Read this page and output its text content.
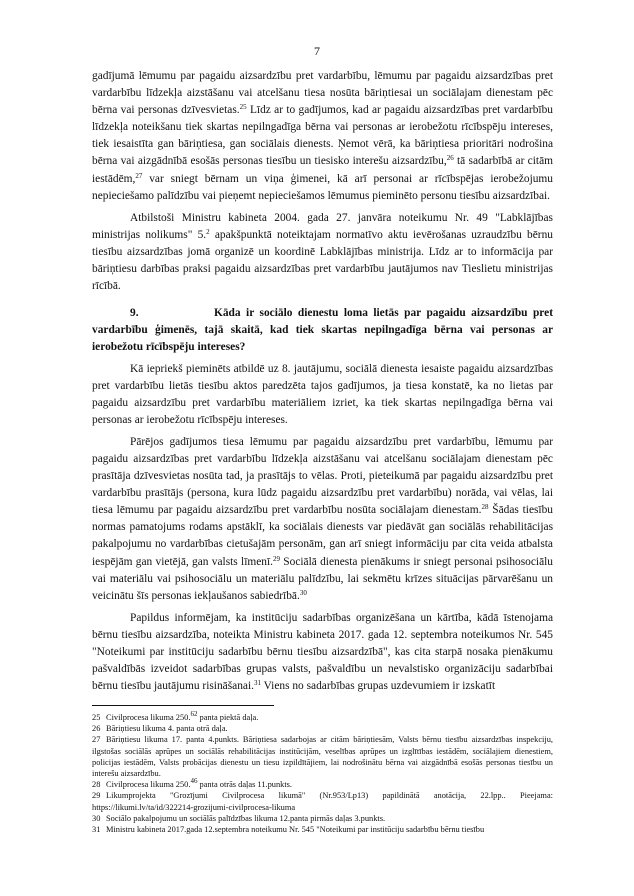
7

gadījumā lēmumu par pagaidu aizsardzību pret vardarbību, lēmumu par pagaidu aizsardzības pret vardarbību līdzekļa aizstāšanu vai atcelšanu tiesa nosūta bāriņtiesai un sociālajam dienestam pēc bērna vai personas dzīvesvietas.$^{25}$ Līdz ar to gadījumos, kad ar pagaidu aizsardzības pret vardarbību līdzekļa noteikšanu tiek skartas nepilngadīga bērna vai personas ar ierobežotu rīcībspēju intereses, tiek iesaistīta gan bāriņtiesa, gan sociālais dienests. Ņemot vērā, ka bāriņtiesa prioritāri nodrošina bērna vai aizgādnībā esošās personas tiesību un tiesisko interešu aizsardzību,$^{26}$ tā sadarbībā ar citām iestādēm,$^{27}$ var sniegt bērnam un viņa ģimenei, kā arī personai ar rīcībspējas ierobežojumu nepieciešamo palīdzību vai pieņemt nepieciešamos lēmumus pieminēto personu tiesību aizsardzībai.

Atbilstoši Ministru kabineta 2004. gada 27. janvāra noteikumu Nr. 49 "Labklājības ministrijas nolikums" 5.$^2$ apakšpunktā noteiktajam normatīvo aktu ievērošanas uzraudzību bērnu tiesību aizsardzības jomā organizē un koordinē Labklājības ministrija. Līdz ar to informācija par bāriņtiesu darbības praksi pagaidu aizsardzības pret vardarbību jautājumos nav Tieslietu ministrijas rīcībā.

9.	Kāda ir sociālo dienestu loma lietās par pagaidu aizsardzību pret vardarbību ģimenēs, tajā skaitā, kad tiek skartas nepilngadīga bērna vai personas ar ierobežotu rīcībspēju intereses?

Kā iepriekš pieminēts atbildē uz 8. jautājumu, sociālā dienesta iesaiste pagaidu aizsardzības pret vardarbību lietās tiesību aktos paredzēta tajos gadījumos, ja tiesa konstatē, ka no lietas par pagaidu aizsardzību pret vardarbību materiāliem izriet, ka tiek skartas nepilngadīga bērna vai personas ar ierobežotu rīcībspēju intereses.

Pārējos gadījumos tiesa lēmumu par pagaidu aizsardzību pret vardarbību, lēmumu par pagaidu aizsardzības pret vardarbību līdzekļa aizstāšanu vai atcelšanu sociālajam dienestam pēc prasītāja dzīvesvietas nosūta tad, ja prasītājs to vēlas. Proti, pieteikumā par pagaidu aizsardzību pret vardarbību prasītājs (persona, kura lūdz pagaidu aizsardzību pret vardarbību) norāda, vai vēlas, lai tiesa lēmumu par pagaidu aizsardzību pret vardarbību nosūta sociālajam dienestam.$^{28}$ Šādas tiesību normas pamatojums rodams apstāklī, ka sociālais dienests var piedāvāt gan sociālās rehabilitācijas pakalpojumu no vardarbības cietušajām personām, gan arī sniegt informāciju par cita veida atbalsta iespējām gan vietējā, gan valsts līmenī.$^{29}$ Sociālā dienesta pienākums ir sniegt personai psihosociālu vai materiālu vai psihosociālu un materiālu palīdzību, lai sekmētu krīzes situācijas pārvarēšanu un veicinātu šīs personas iekļaušanos sabiedrībā.$^{30}$

Papildus informējam, ka institūciju sadarbības organizēšana un kārtība, kādā īstenojama bērnu tiesību aizsardzība, noteikta Ministru kabineta 2017. gada 12. septembra noteikumos Nr. 545 "Noteikumi par institūciju sadarbību bērnu tiesību aizsardzībā", kas cita starpā nosaka pienākumu pašvaldībās izveidot sadarbības grupas valsts, pašvaldību un nevalstisko organizāciju sadarbībai bērnu tiesību jautājumu risināšanai.$^{31}$ Viens no sadarbības grupas uzdevumiem ir izskatīt

25 Civilprocesa likuma 250.62 panta piektā daļa.

26 Bāriņtiesu likuma 4. panta otrā daļa.

27 Bāriņtiesu likuma 17. panta 4.punkts. Bāriņtiesa sadarbojas ar citām bāriņtiesām, Valsts bērnu tiesību aizsardzības inspekciju, ilgstošas sociālās aprūpes un sociālās rehabilitācijas institūcijām, veselības aprūpes un izglītības iestādēm, sociālajiem dienestiem, policijas iestādēm, Valsts probācijas dienestu un tiesu izpildītājiem, lai nodrošinātu bērna vai aizgādnībā esošās personas tiesību un interešu aizsardzību.

28 Civilprocesa likuma 250.46 panta otrās daļas 11.punkts.

29 Likumprojekta "Grozījumi Civilprocesa likumā" (Nr.953/Lp13) papildinātā anotācija, 22.lpp.. Pieejama: https://likumi.lv/ta/id/322214-grozijumi-civilprocesa-likuma

30 Sociālo pakalpojumu un sociālās palīdzības likuma 12.panta pirmās daļas 3.punkts.

31 Ministru kabineta 2017.gada 12.septembra noteikumu Nr. 545 "Noteikumi par institūciju sadarbību bērnu tiesību
